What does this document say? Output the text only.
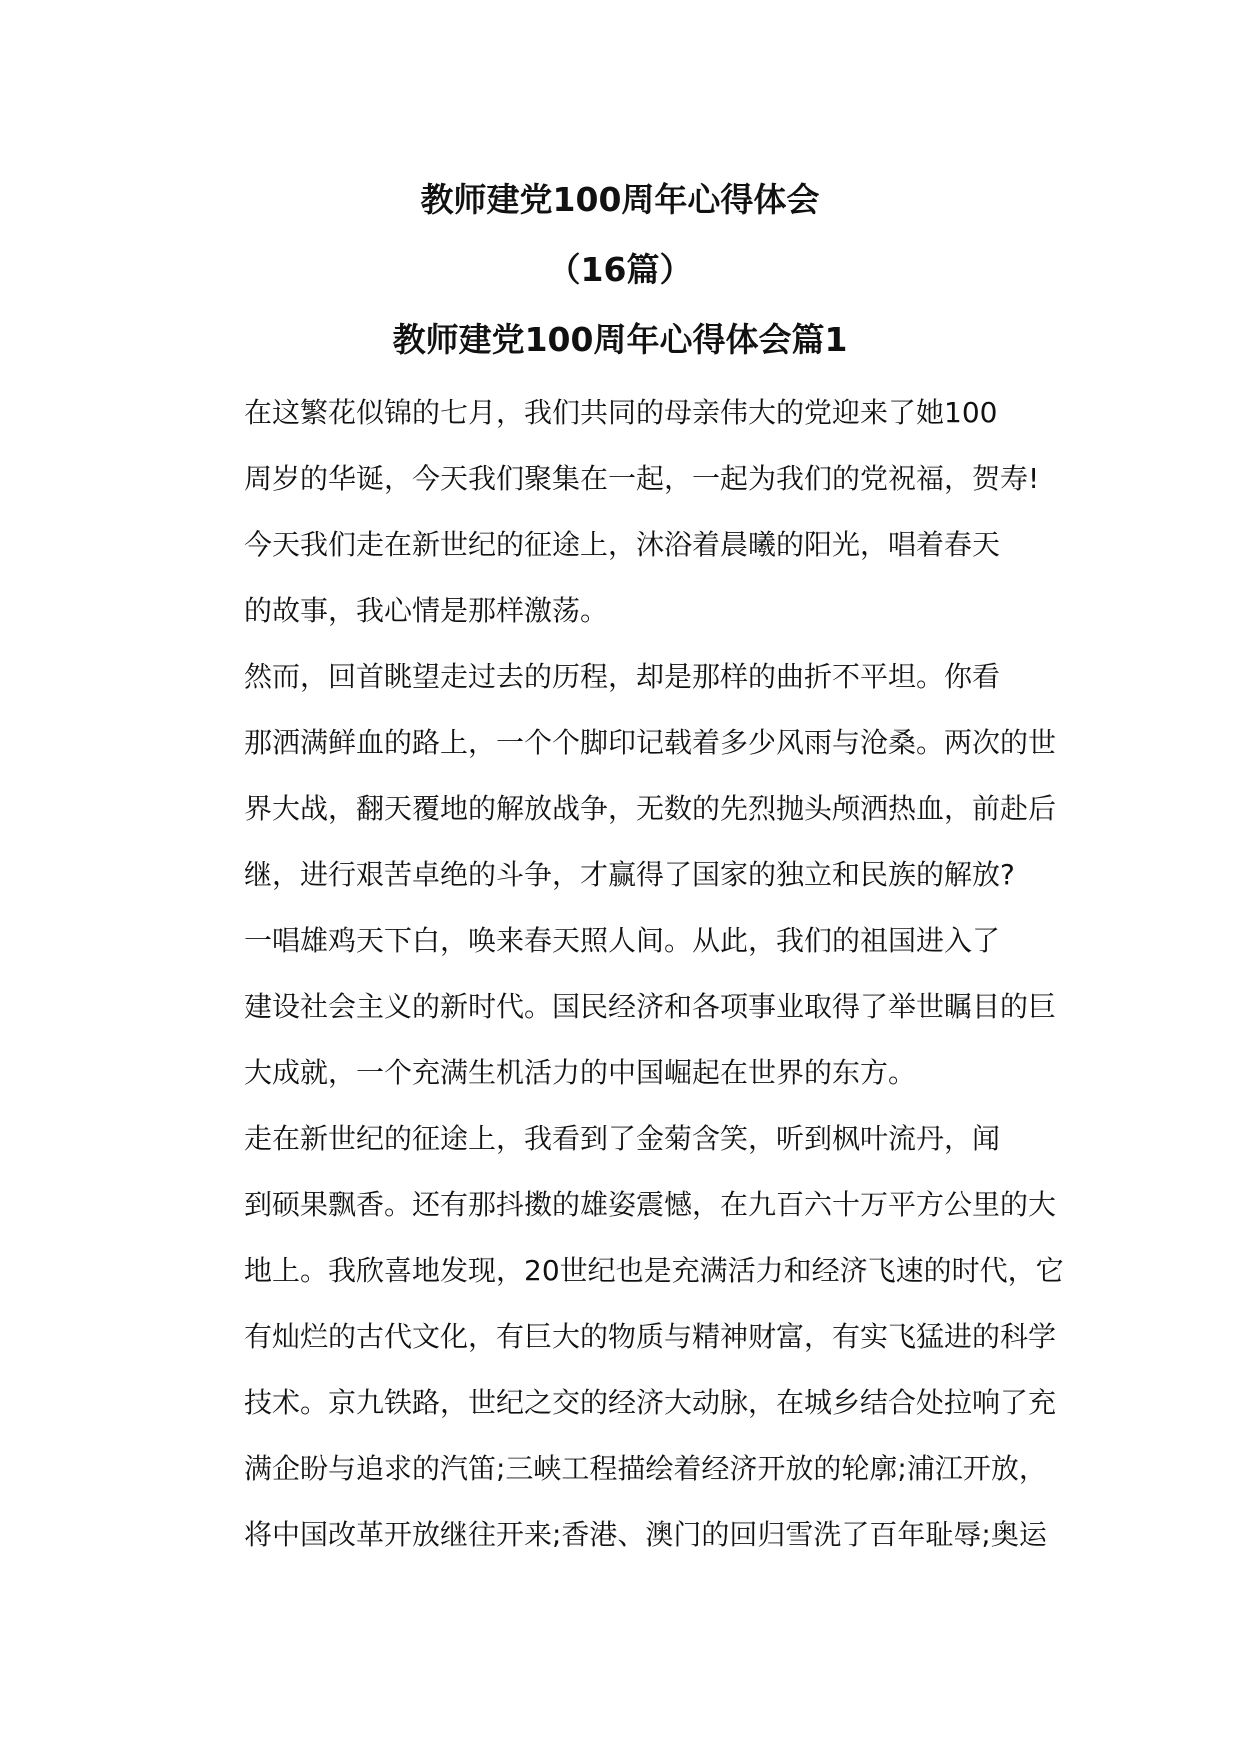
教师建党100周年心得体会
（16篇）
教师建党100周年心得体会篇1

在这繁花似锦的七月，我们共同的母亲伟大的党迎来了她100
周岁的华诞，今天我们聚集在一起，一起为我们的党祝福，贺寿!

今天我们走在新世纪的征途上，沐浴着晨曦的阳光，唱着春天
的故事，我心情是那样激荡。

然而，回首眺望走过去的历程，却是那样的曲折不平坦。你看
那洒满鲜血的路上，一个个脚印记载着多少风雨与沧桑。两次的世
界大战，翻天覆地的解放战争，无数的先烈抛头颅洒热血，前赴后
继，进行艰苦卓绝的斗争，才赢得了国家的独立和民族的解放?

一唱雄鸡天下白，唤来春天照人间。从此，我们的祖国进入了
建设社会主义的新时代。国民经济和各项事业取得了举世瞩目的巨
大成就，一个充满生机活力的中国崛起在世界的东方。

走在新世纪的征途上，我看到了金菊含笑，听到枫叶流丹，闻
到硕果飘香。还有那抖擞的雄姿震憾，在九百六十万平方公里的大
地上。我欣喜地发现，20世纪也是充满活力和经济飞速的时代，它
有灿烂的古代文化，有巨大的物质与精神财富，有实飞猛进的科学
技术。京九铁路，世纪之交的经济大动脉，在城乡结合处拉响了充
满企盼与追求的汽笛;三峡工程描绘着经济开放的轮廓;浦江开放，
将中国改革开放继往开来;香港、澳门的回归雪洗了百年耻辱;奥运
